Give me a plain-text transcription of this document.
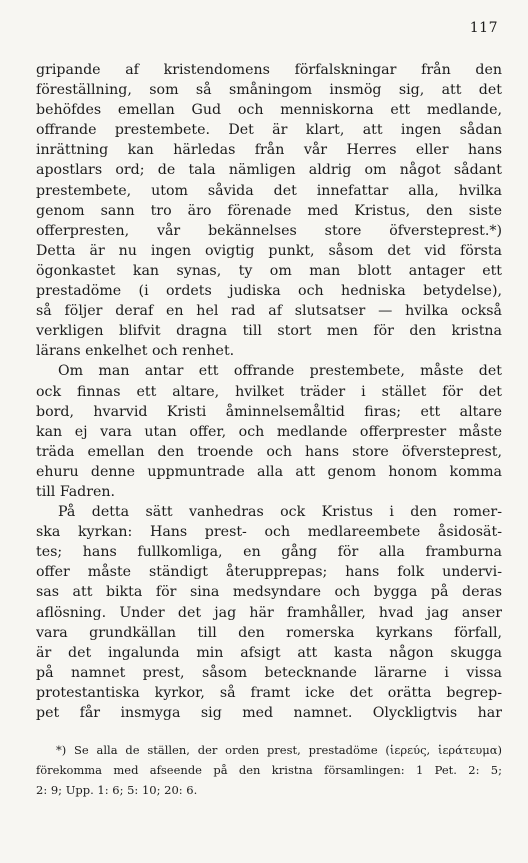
117
gripande af kristendomens förfalskningar från den
föreställning, som så småningom insmög sig, att det
behöfdes emellan Gud och menniskorna ett medlande,
offrande prestembete. Det är klart, att ingen sådan
inrättning kan härledas från vår Herres eller hans
apostlars ord; de tala nämligen aldrig om något sådant
prestembete, utom såvida det innefattar alla, hvilka
genom sann tro äro förenade med Kristus, den siste
offerpresten, vår bekännelses store öfversteprest.*)
Detta är nu ingen ovigtig punkt, såsom det vid första
ögonkastet kan synas, ty om man blott antager ett
prestadöme (i ordets judiska och hedniska betydelse),
så följer deraf en hel rad af slutsatser — hvilka också
verkligen blifvit dragna till stort men för den kristna
lärans enkelhet och renhet.
Om man antar ett offrande prestembete, måste det
ock finnas ett altare, hvilket träder i stället för det
bord, hvarvid Kristi åminnelsemåltid firas; ett altare
kan ej vara utan offer, och medlande offerprester måste
träda emellan den troende och hans store öfversteprest,
ehuru denne uppmuntrade alla att genom honom komma
till Fadren.
På detta sätt vanhedras ock Kristus i den romer-
ska kyrkan: Hans prest- och medlareembete åsidosät-
tes; hans fullkomliga, en gång för alla framburna
offer måste ständigt återupprepas; hans folk undervi-
sas att bikta för sina medsyndare och bygga på deras
aflösning. Under det jag här framhåller, hvad jag anser
vara grundkällan till den romerska kyrkans förfall,
är det ingalunda min afsigt att kasta någon skugga
på namnet prest, såsom betecknande lärarne i vissa
protestantiska kyrkor, så framt icke det orätta begrep-
pet får insmyga sig med namnet. Olyckligtvis har
*) Se alla de ställen, der orden prest, prestadöme (ἱερεύς, ἱεράτευμα)
förekomma med afseende på den kristna församlingen: 1 Pet. 2: 5;
2: 9; Upp. 1: 6; 5: 10; 20: 6.
